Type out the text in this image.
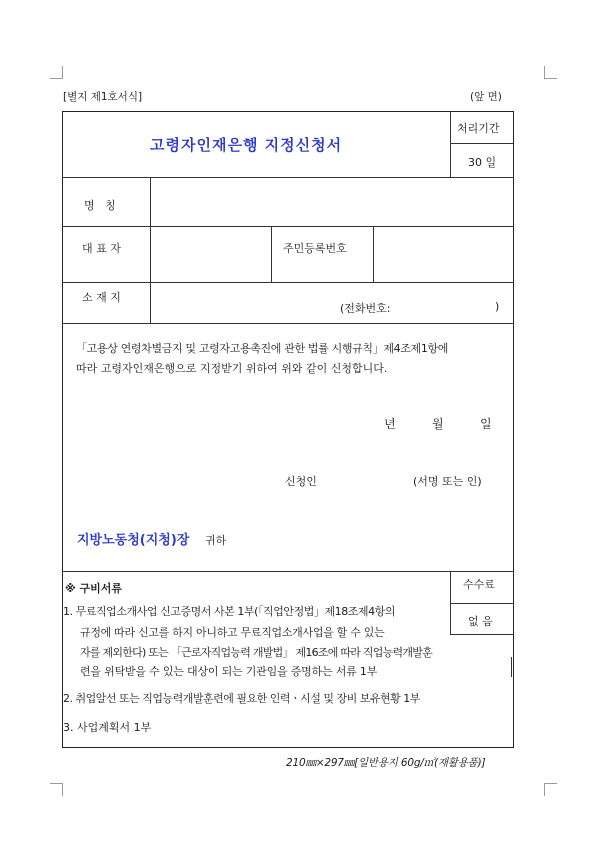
[별지 제1호서식]	(앞 면)
고령자인재은행 지정신청서
처리기간
30 일
명   칭
대 표 자	주민등록번호
소 재 지
(전화번호:	)
「고용상 연령차별금지 및 고령자고용촉진에 관한 법률 시행규칙」제4조제1항에
따라 고령자인재은행으로 지정받기 위하여 위와 같이 신청합니다.
년	월	일
신청인	(서명 또는 인)
지방노동청(지청)장 귀하
※ 구비서류	수수료
없 음
1. 무료직업소개사업 신고증명서 사본 1부(「직업안정법」제18조제4항의
규정에 따라 신고를 하지 아니하고 무료직업소개사업을 할 수 있는
자를 제외한다) 또는 「근로자직업능력 개발법」 제16조에 따라 직업능력개발훈
련을 위탁받을 수 있는 대상이 되는 기관임을 증명하는 서류 1부
2. 취업알선 또는 직업능력개발훈련에 필요한 인력ㆍ시설 및 장비 보유현황 1부
3. 사업계획서 1부
210㎜×297㎜[일반용지 60g/㎡(재활용품)]
